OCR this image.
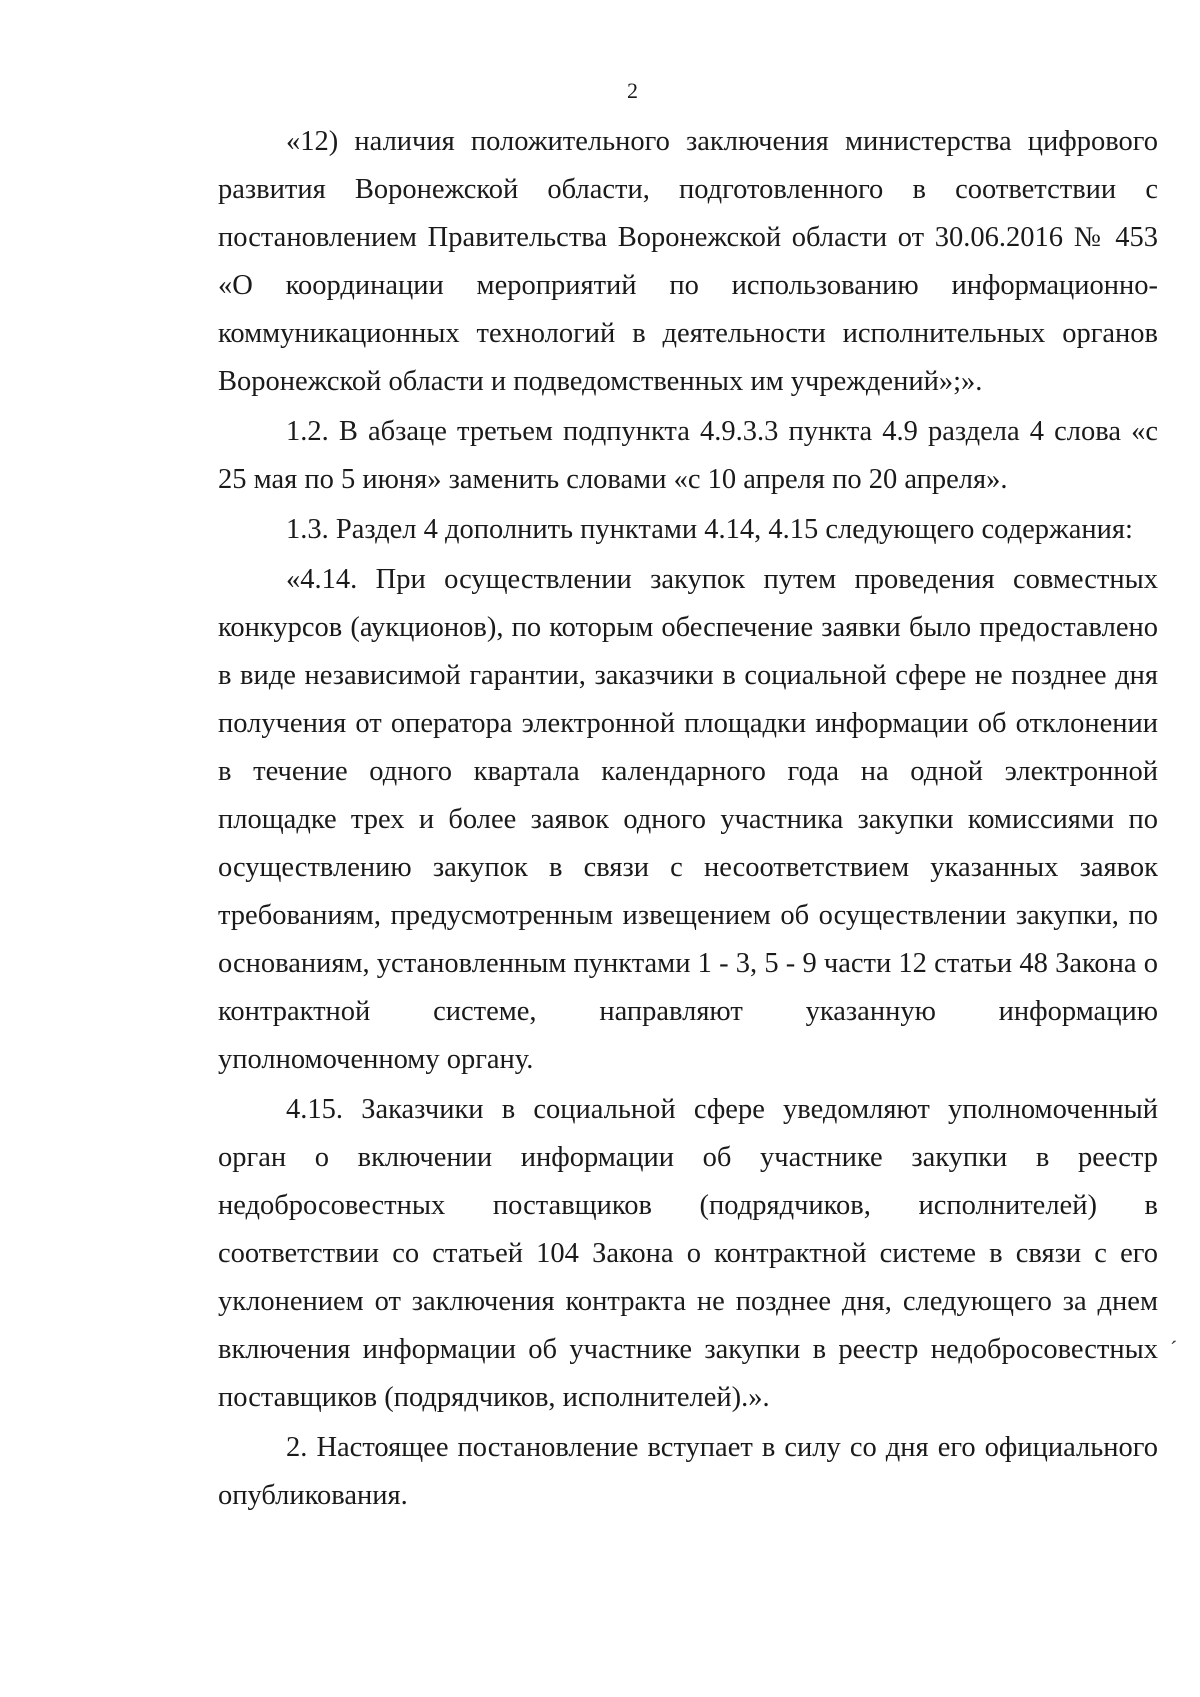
2

«12) наличия положительного заключения министерства цифрового развития Воронежской области, подготовленного в соответствии с постановлением Правительства Воронежской области от 30.06.2016 № 453 «О координации мероприятий по использованию информационно-коммуникационных технологий в деятельности исполнительных органов Воронежской области и подведомственных им учреждений»;».

1.2. В абзаце третьем подпункта 4.9.3.3 пункта 4.9 раздела 4 слова «с 25 мая по 5 июня» заменить словами «с 10 апреля по 20 апреля».

1.3. Раздел 4 дополнить пунктами 4.14, 4.15 следующего содержания:

«4.14. При осуществлении закупок путем проведения совместных конкурсов (аукционов), по которым обеспечение заявки было предоставлено в виде независимой гарантии, заказчики в социальной сфере не позднее дня получения от оператора электронной площадки информации об отклонении в течение одного квартала календарного года на одной электронной площадке трех и более заявок одного участника закупки комиссиями по осуществлению закупок в связи с несоответствием указанных заявок требованиям, предусмотренным извещением об осуществлении закупки, по основаниям, установленным пунктами 1 - 3, 5 - 9 части 12 статьи 48 Закона о контрактной системе, направляют указанную информацию уполномоченному органу.

4.15. Заказчики в социальной сфере уведомляют уполномоченный орган о включении информации об участнике закупки в реестр недобросовестных поставщиков (подрядчиков, исполнителей) в соответствии со статьей 104 Закона о контрактной системе в связи с его уклонением от заключения контракта не позднее дня, следующего за днем включения информации об участнике закупки в реестр недобросовестных поставщиков (подрядчиков, исполнителей).».

2. Настоящее постановление вступает в силу со дня его официального опубликования.

´
